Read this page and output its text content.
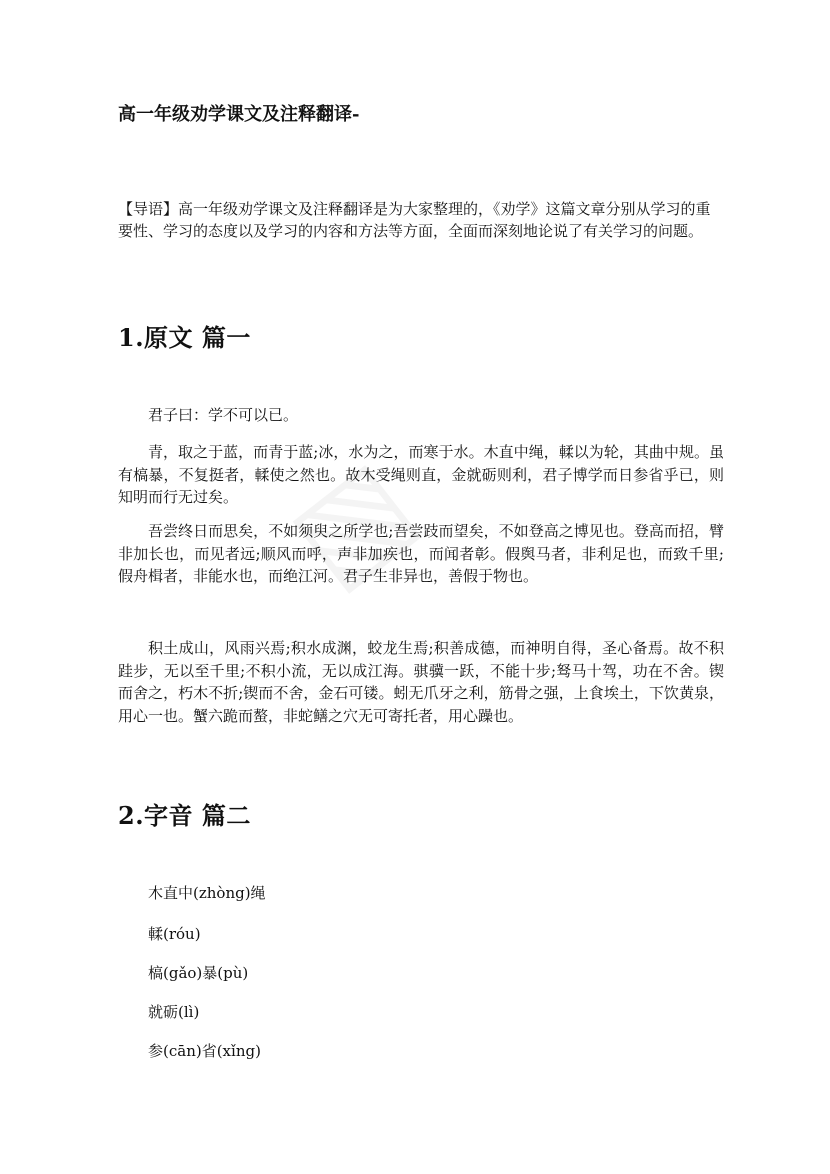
高一年级劝学课文及注释翻译-

【导语】高一年级劝学课文及注释翻译是为大家整理的，《劝学》这篇文章分别从学习的重要性、学习的态度以及学习的内容和方法等方面，全面而深刻地论说了有关学习的问题。

1.原文 篇一

君子曰：学不可以已。

青，取之于蓝，而青于蓝;冰，水为之，而寒于水。木直中绳，輮以为轮，其曲中规。虽有槁暴，不复挺者，輮使之然也。故木受绳则直，金就砺则利，君子博学而日参省乎已，则知明而行无过矣。

吾尝终日而思矣，不如须臾之所学也;吾尝跂而望矣，不如登高之博见也。登高而招，臂非加长也，而见者远;顺风而呼，声非加疾也，而闻者彰。假舆马者，非利足也，而致千里;假舟楫者，非能水也，而绝江河。君子生非异也，善假于物也。

积土成山，风雨兴焉;积水成渊，蛟龙生焉;积善成德，而神明自得，圣心备焉。故不积跬步，无以至千里;不积小流，无以成江海。骐骥一跃，不能十步;驽马十驾，功在不舍。锲而舍之，朽木不折;锲而不舍，金石可镂。蚓无爪牙之利，筋骨之强，上食埃土，下饮黄泉，用心一也。蟹六跪而螯，非蛇鳝之穴无可寄托者，用心躁也。

2.字音 篇二

木直中(zhòng)绳

輮(róu)

槁(gǎo)暴(pù)

就砺(lì)

参(cān)省(xǐng)
